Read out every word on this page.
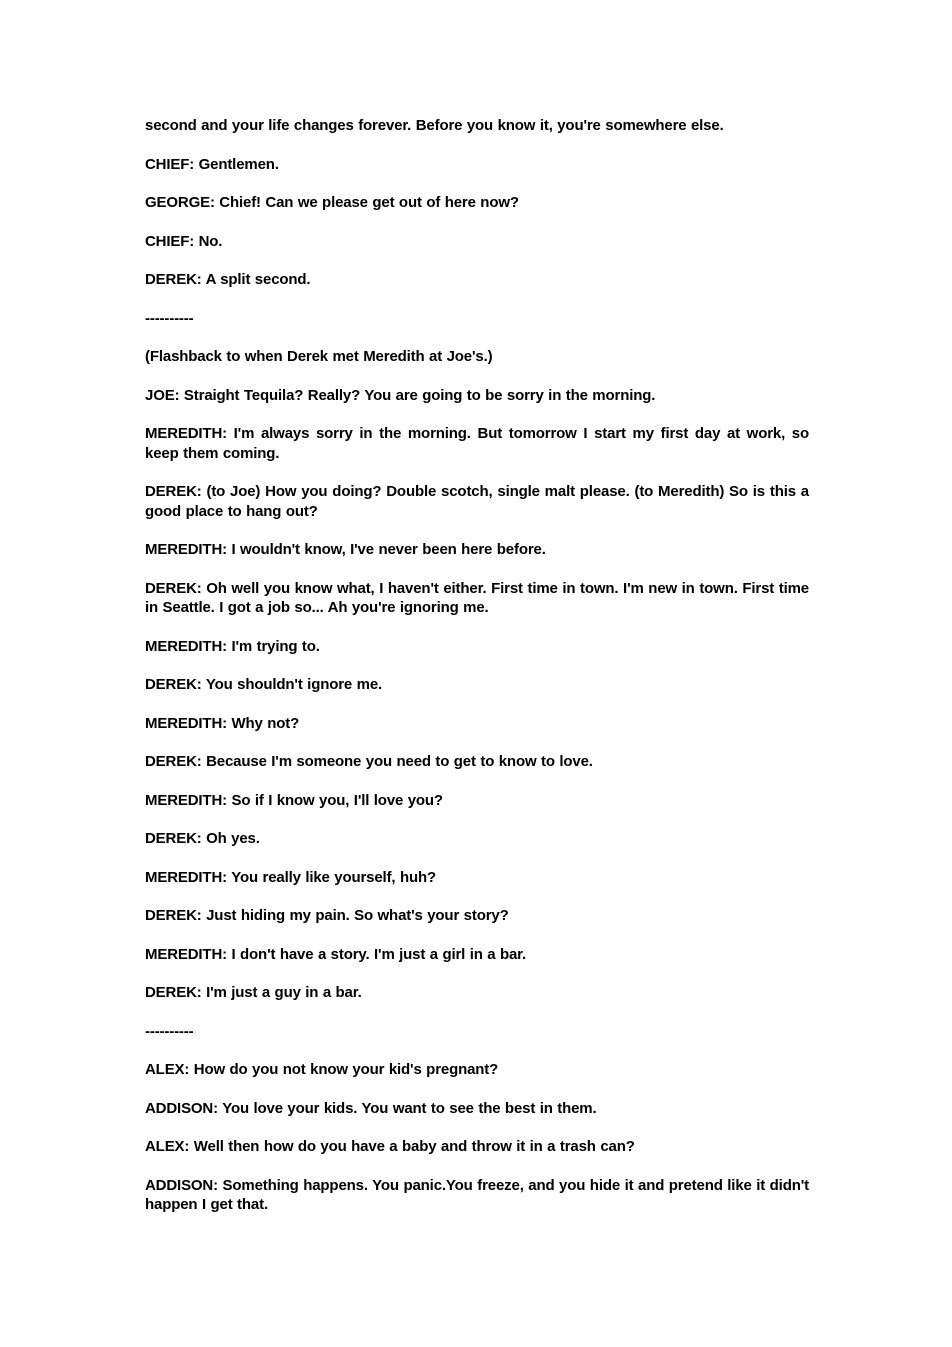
second and your life changes forever. Before you know it, you're somewhere else.

CHIEF: Gentlemen.

GEORGE: Chief! Can we please get out of here now?

CHIEF: No.

DEREK: A split second.

----------

(Flashback to when Derek met Meredith at Joe's.)

JOE: Straight Tequila? Really? You are going to be sorry in the morning.

MEREDITH: I'm always sorry in the morning. But tomorrow I start my first day at work, so keep them coming.

DEREK: (to Joe) How you doing? Double scotch, single malt please. (to Meredith) So is this a good place to hang out?

MEREDITH: I wouldn't know, I've never been here before.

DEREK: Oh well you know what, I haven't either. First time in town. I'm new in town. First time in Seattle. I got a job so... Ah you're ignoring me.

MEREDITH: I'm trying to.

DEREK: You shouldn't ignore me.

MEREDITH: Why not?

DEREK: Because I'm someone you need to get to know to love.

MEREDITH: So if I know you, I'll love you?

DEREK: Oh yes.

MEREDITH: You really like yourself, huh?

DEREK: Just hiding my pain. So what's your story?

MEREDITH: I don't have a story. I'm just a girl in a bar.

DEREK: I'm just a guy in a bar.

----------

ALEX: How do you not know your kid's pregnant?

ADDISON: You love your kids. You want to see the best in them.

ALEX: Well then how do you have a baby and throw it in a trash can?

ADDISON: Something happens. You panic.You freeze, and you hide it and pretend like it didn't happen I get that.
